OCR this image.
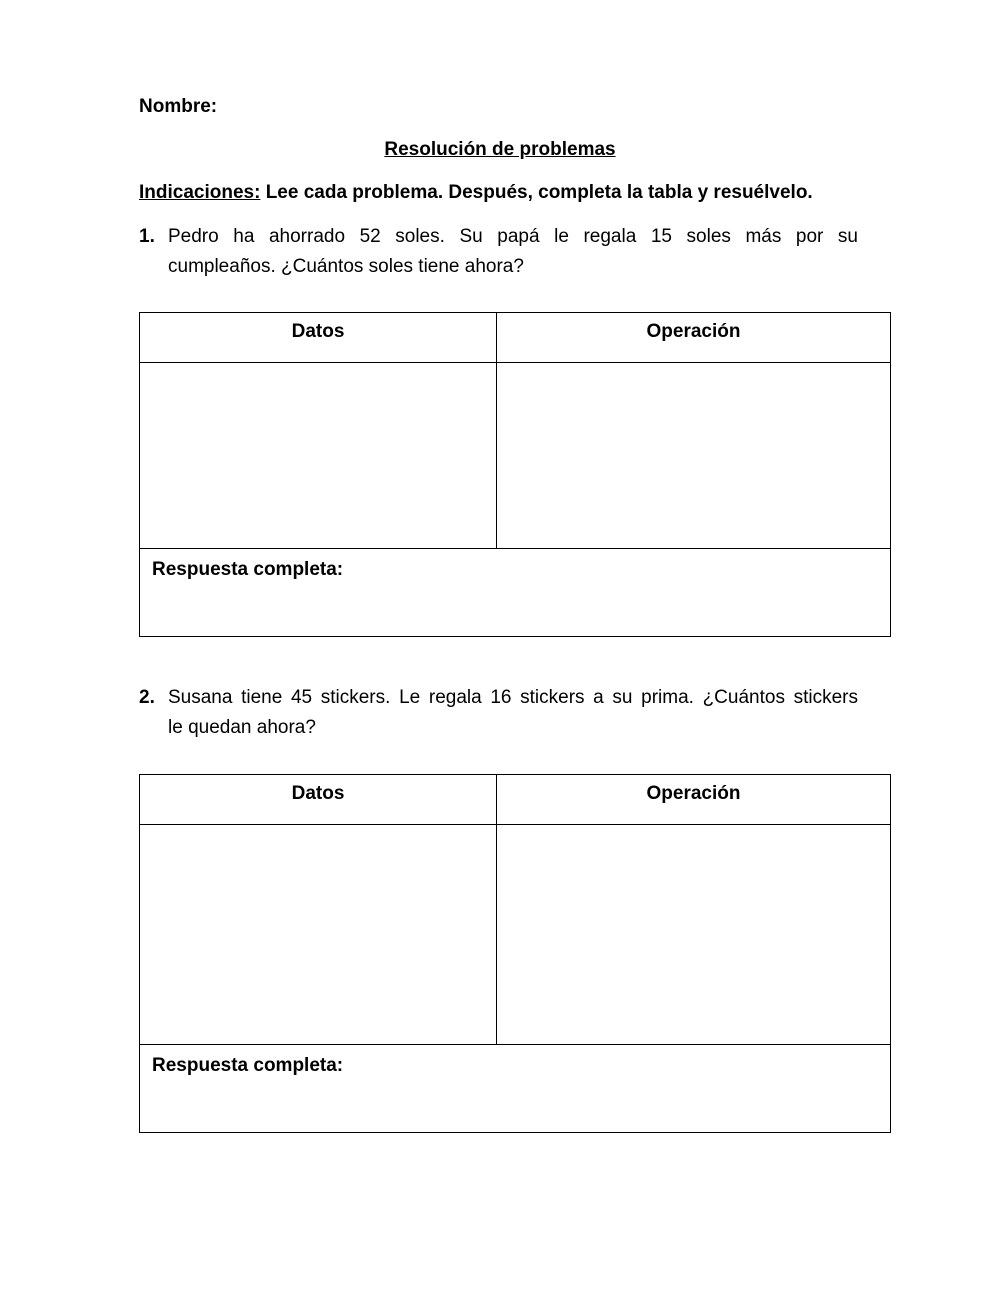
Nombre:
Resolución de problemas
Indicaciones: Lee cada problema. Después, completa la tabla y resuélvelo.
1. Pedro ha ahorrado 52 soles. Su papá le regala 15 soles más por su
cumpleaños. ¿Cuántos soles tiene ahora?
Datos	Operación

Respuesta completa:	
2. Susana tiene 45 stickers. Le regala 16 stickers a su prima. ¿Cuántos stickers
le quedan ahora?
Datos	Operación

Respuesta completa:	
